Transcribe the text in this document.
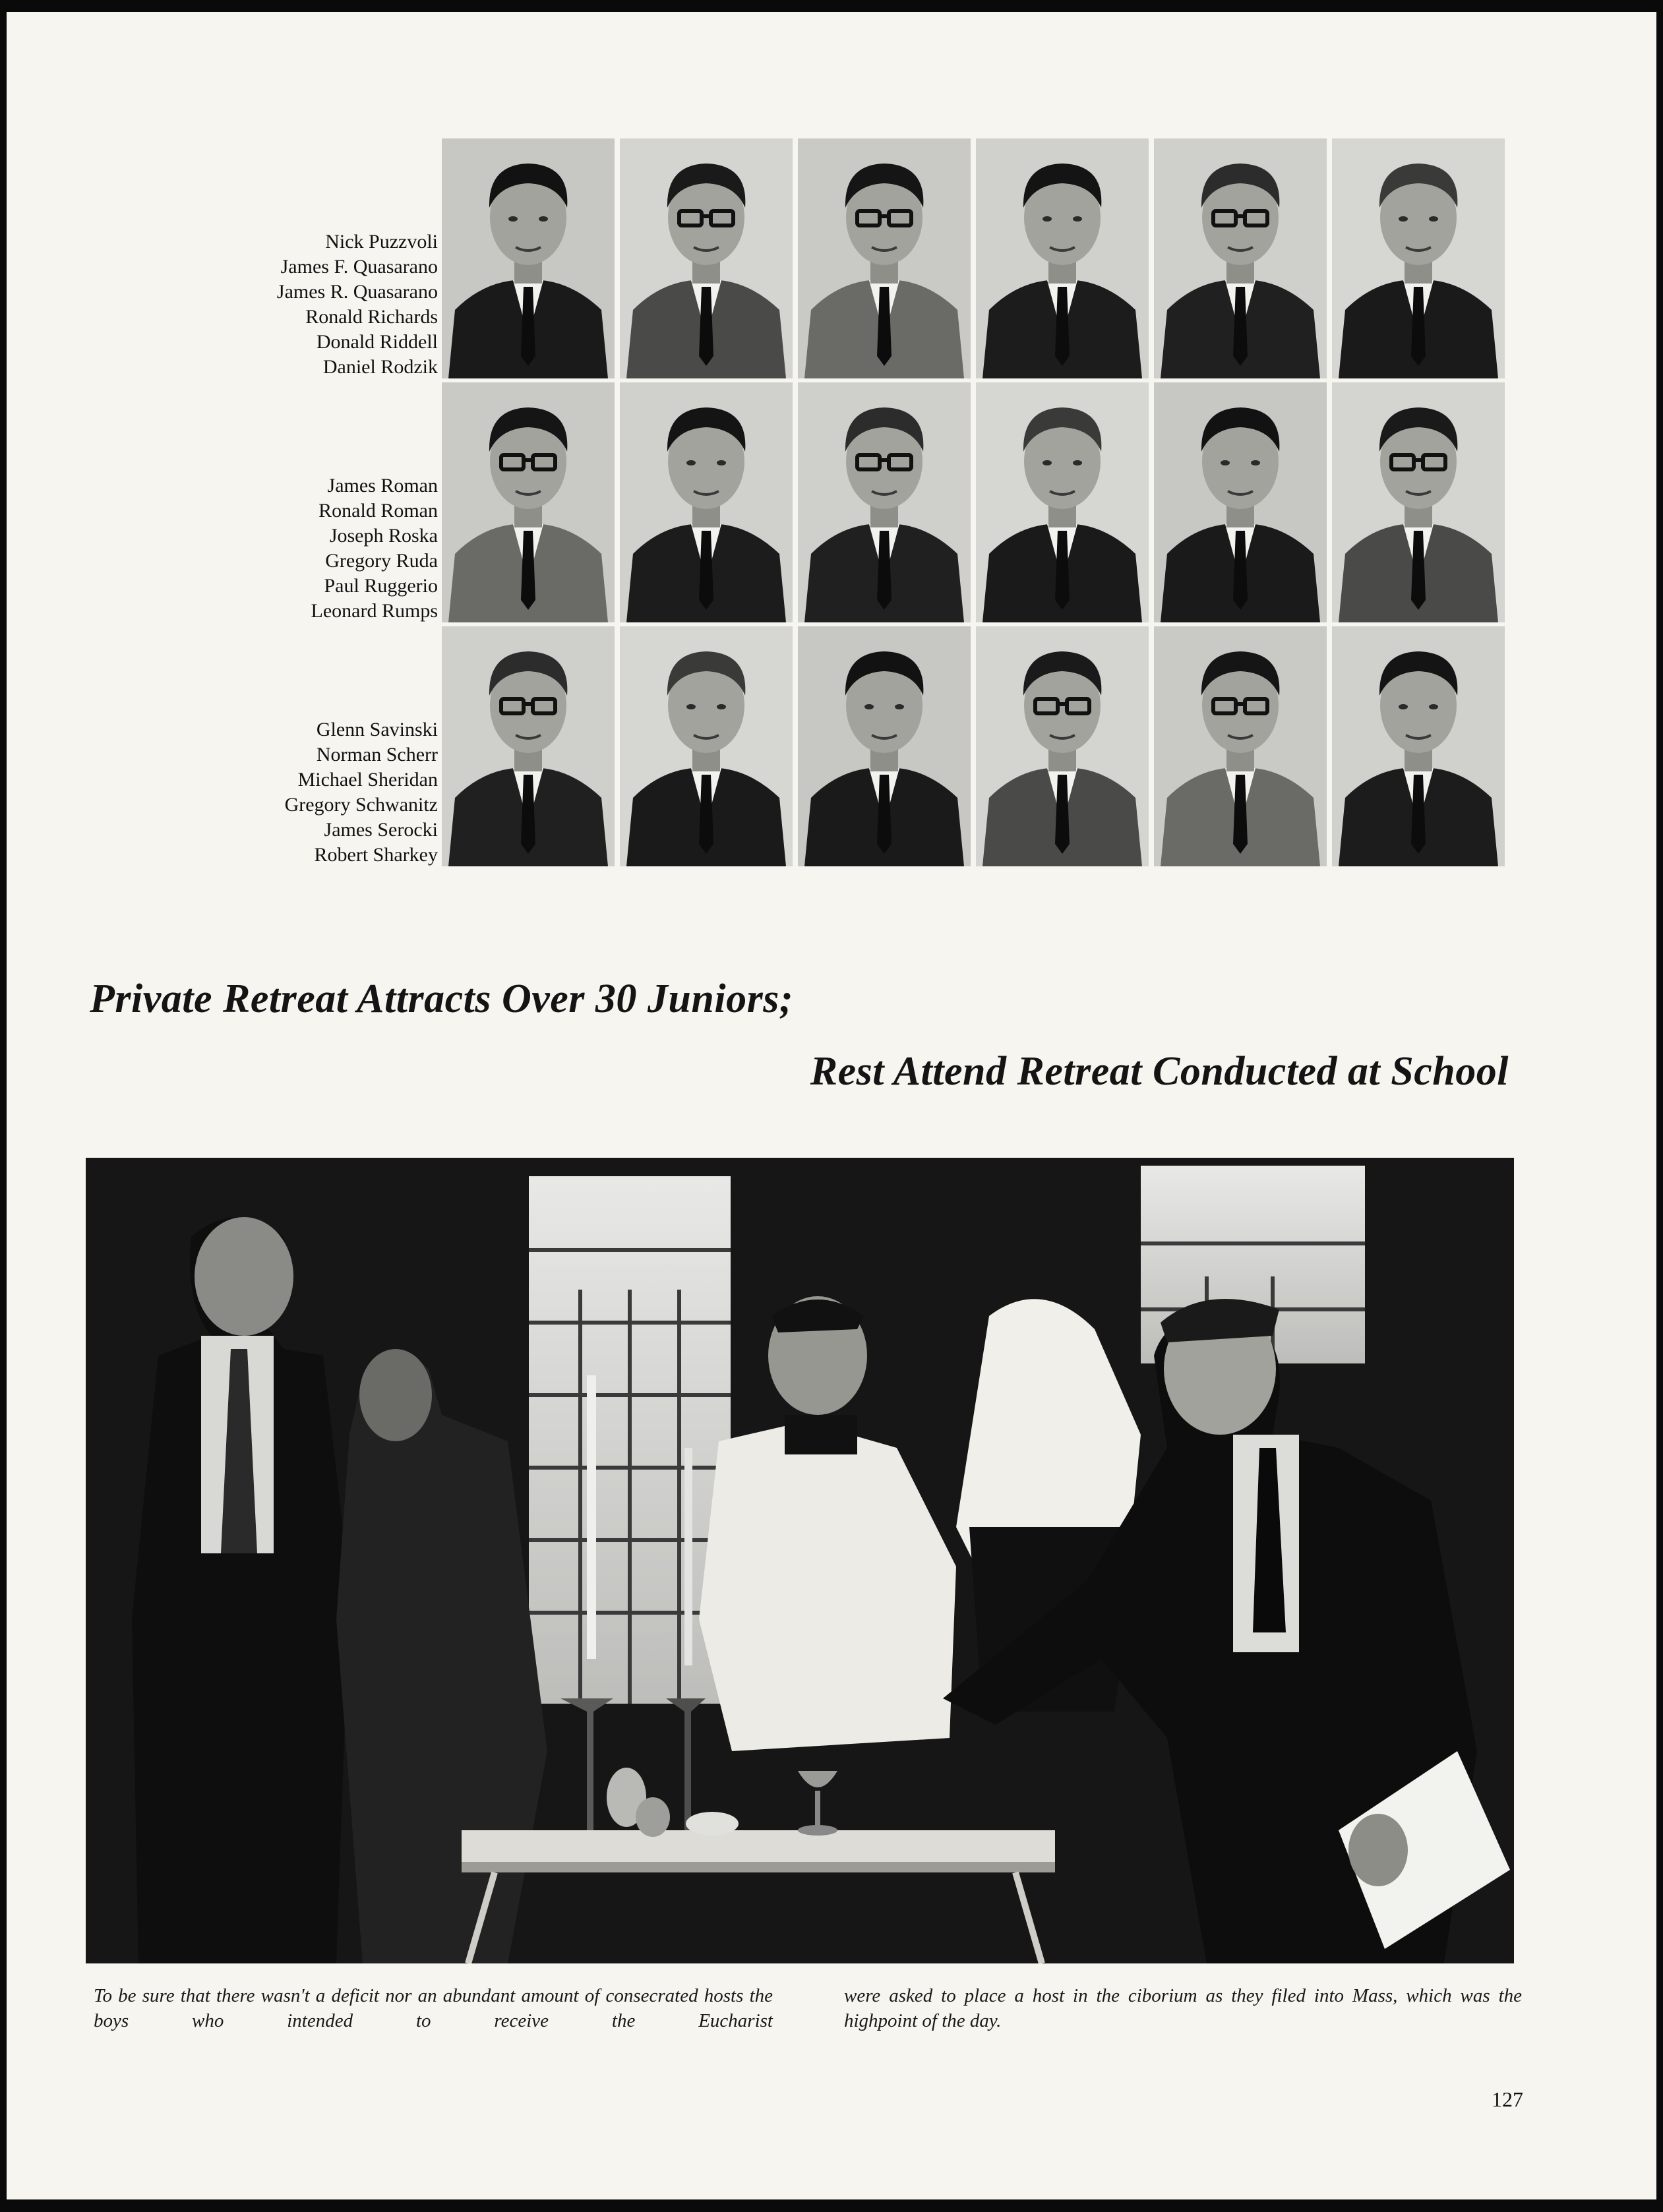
Nick Puzzvoli
James F. Quasarano
James R. Quasarano
Ronald Richards
Donald Riddell
Daniel Rodzik
James Roman
Ronald Roman
Joseph Roska
Gregory Ruda
Paul Ruggerio
Leonard Rumps
Glenn Savinski
Norman Scherr
Michael Sheridan
Gregory Schwanitz
James Serocki
Robert Sharkey
Private Retreat Attracts Over 30 Juniors;
Rest Attend Retreat Conducted at School
To be sure that there wasn't a deficit nor an abundant amount of consecrated hosts the boys who intended to receive the Eucharist
were asked to place a host in the ciborium as they filed into Mass, which was the highpoint of the day.
127
